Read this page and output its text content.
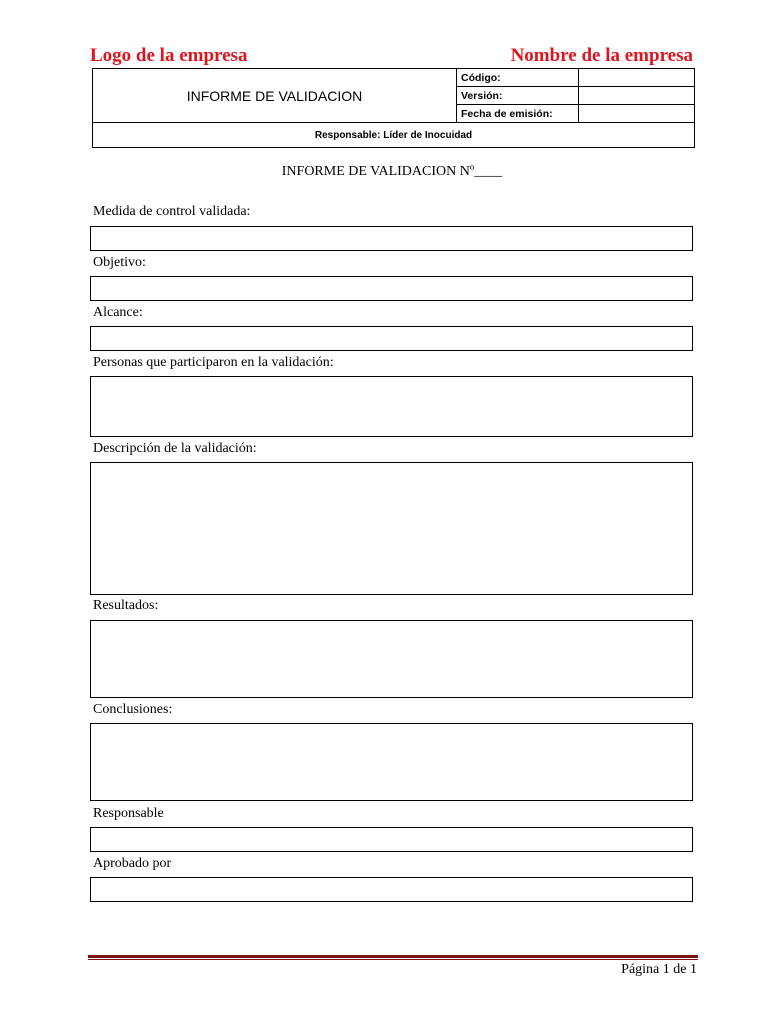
Logo de la empresa	Nombre de la empresa
INFORME DE VALIDACION	Código:	
	Versión:	
	Fecha de emisión:	
Responsable: Líder de Inocuidad		
INFORME DE VALIDACION Nº____
Medida de control validada:
Objetivo:
Alcance:
Personas que participaron en la validación:
Descripción de la validación:
Resultados:
Conclusiones:
Responsable
Aprobado por
Página 1 de 1
